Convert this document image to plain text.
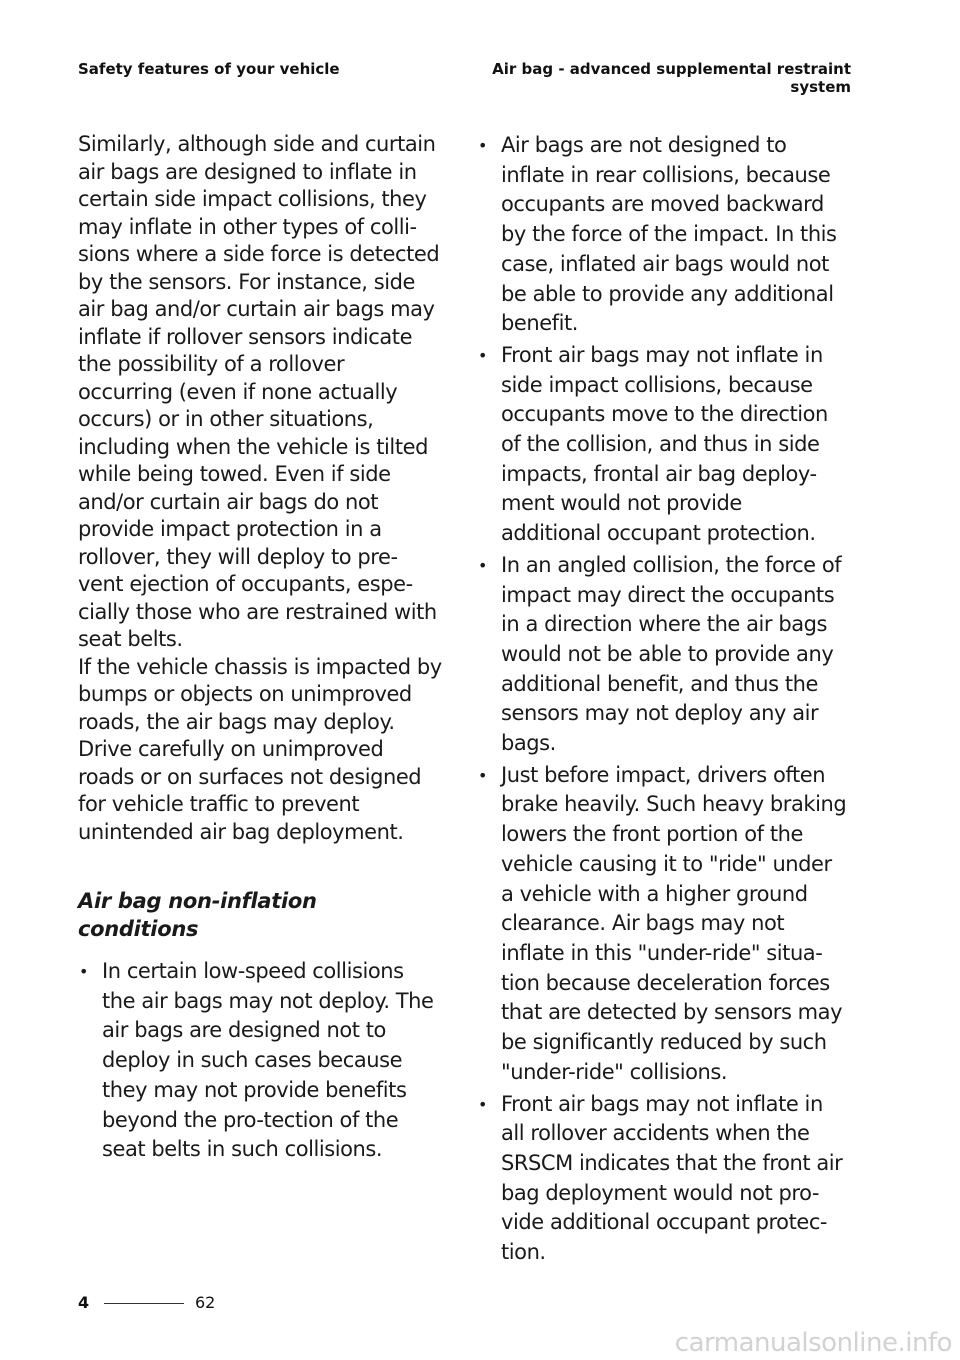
Safety features of your vehicle	Air bag - advanced supplemental restraint system

Similarly, although side and curtain air bags are designed to inflate in certain side impact collisions, they may inflate in other types of colli-sions where a side force is detected by the sensors. For instance, side air bag and/or curtain air bags may inflate if rollover sensors indicate the possibility of a rollover occurring (even if none actually occurs) or in other situations, including when the vehicle is tilted while being towed. Even if side and/or curtain air bags do not provide impact protection in a rollover, they will deploy to pre-vent ejection of occupants, espe-cially those who are restrained with seat belts.

If the vehicle chassis is impacted by bumps or objects on unimproved roads, the air bags may deploy. Drive carefully on unimproved roads or on surfaces not designed for vehicle traffic to prevent unintended air bag deployment.

Air bag non-inflation conditions
• In certain low-speed collisions the air bags may not deploy. The air bags are designed not to deploy in such cases because they may not provide benefits beyond the pro-tection of the seat belts in such collisions.
• Air bags are not designed to inflate in rear collisions, because occupants are moved backward by the force of the impact. In this case, inflated air bags would not be able to provide any additional benefit.
• Front air bags may not inflate in side impact collisions, because occupants move to the direction of the collision, and thus in side impacts, frontal air bag deploy-ment would not provide additional occupant protection.
• In an angled collision, the force of impact may direct the occupants in a direction where the air bags would not be able to provide any additional benefit, and thus the sensors may not deploy any air bags.
• Just before impact, drivers often brake heavily. Such heavy braking lowers the front portion of the vehicle causing it to "ride" under a vehicle with a higher ground clearance. Air bags may not inflate in this "under-ride" situa-tion because deceleration forces that are detected by sensors may be significantly reduced by such "under-ride" collisions.
• Front air bags may not inflate in all rollover accidents when the SRSCM indicates that the front air bag deployment would not pro-vide additional occupant protec-tion.
4	62
carmanualsonline.info
